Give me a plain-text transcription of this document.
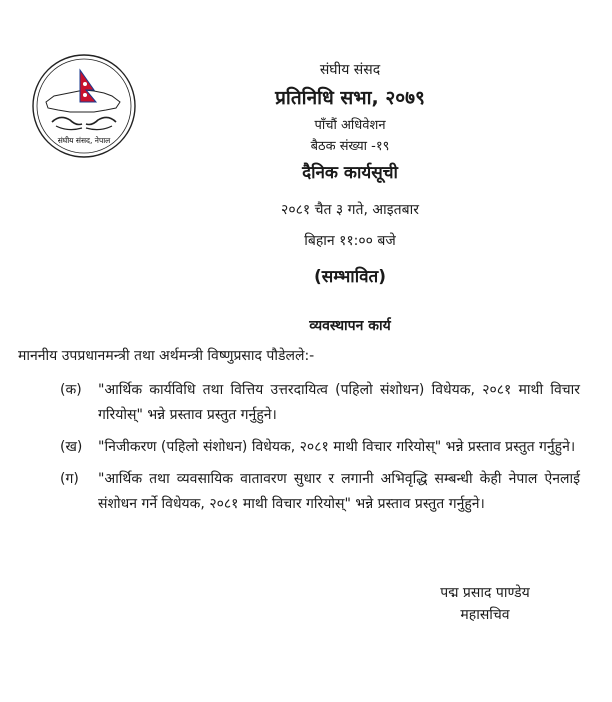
संघीय संसद, नेपाल
संघीय संसद
प्रतिनिधि सभा, २०७९
पाँचौं अधिवेशन
बैठक संख्या -१९
दैनिक कार्यसूची
२०८१ चैत ३ गते, आइतबार
बिहान ११:०० बजे
(सम्भावित)
व्यवस्थापन कार्य
माननीय उपप्रधानमन्त्री तथा अर्थमन्त्री विष्णुप्रसाद पौडेलले:-
(क)	"आर्थिक कार्यविधि तथा वित्तिय उत्तरदायित्व (पहिलो संशोधन) विधेयक, २०८१ माथी विचार गरियोस्" भन्ने प्रस्ताव प्रस्तुत गर्नुहुने।
(ख)	"निजीकरण (पहिलो संशोधन) विधेयक, २०८१ माथी विचार गरियोस्" भन्ने प्रस्ताव प्रस्तुत गर्नुहुने।
(ग)	"आर्थिक तथा व्यवसायिक वातावरण सुधार र लगानी अभिवृद्धि सम्बन्धी केही नेपाल ऐनलाई संशोधन गर्ने विधेयक, २०८१ माथी विचार गरियोस्" भन्ने प्रस्ताव प्रस्तुत गर्नुहुने।
पद्म प्रसाद पाण्डेय
महासचिव
